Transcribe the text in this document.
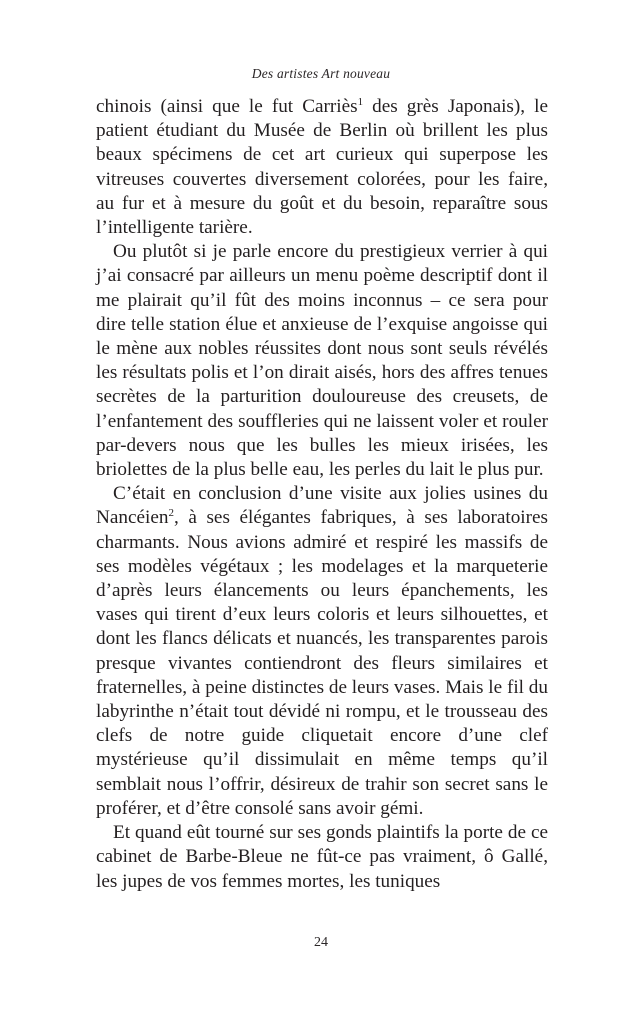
Des artistes Art nouveau

chinois (ainsi que le fut Carriès$^1$ des grès Japonais), le patient étudiant du Musée de Berlin où brillent les plus beaux spécimens de cet art curieux qui superpose les vitreuses couvertes diversement colorées, pour les faire, au fur et à mesure du goût et du besoin, reparaître sous l’intelligente tarière.

Ou plutôt si je parle encore du prestigieux verrier à qui j’ai consacré par ailleurs un menu poème descriptif dont il me plairait qu’il fût des moins inconnus – ce sera pour dire telle station élue et anxieuse de l’exquise angoisse qui le mène aux nobles réussites dont nous sont seuls révélés les résultats polis et l’on dirait aisés, hors des affres tenues secrètes de la parturition douloureuse des creusets, de l’enfantement des souffleries qui ne laissent voler et rouler par-devers nous que les bulles les mieux irisées, les briolettes de la plus belle eau, les perles du lait le plus pur.

C’était en conclusion d’une visite aux jolies usines du Nancéien$^2$, à ses élégantes fabriques, à ses laboratoires charmants. Nous avions admiré et respiré les massifs de ses modèles végétaux ; les modelages et la marqueterie d’après leurs élancements ou leurs épanchements, les vases qui tirent d’eux leurs coloris et leurs silhouettes, et dont les flancs délicats et nuancés, les transparentes parois presque vivantes contiendront des fleurs similaires et fraternelles, à peine distinctes de leurs vases. Mais le fil du labyrinthe n’était tout dévidé ni rompu, et le trousseau des clefs de notre guide cliquetait encore d’une clef mystérieuse qu’il dissimulait en même temps qu’il semblait nous l’offrir, désireux de trahir son secret sans le proférer, et d’être consolé sans avoir gémi.

Et quand eût tourné sur ses gonds plaintifs la porte de ce cabinet de Barbe-Bleue ne fût-ce pas vraiment, ô Gallé, les jupes de vos femmes mortes, les tuniques

24
